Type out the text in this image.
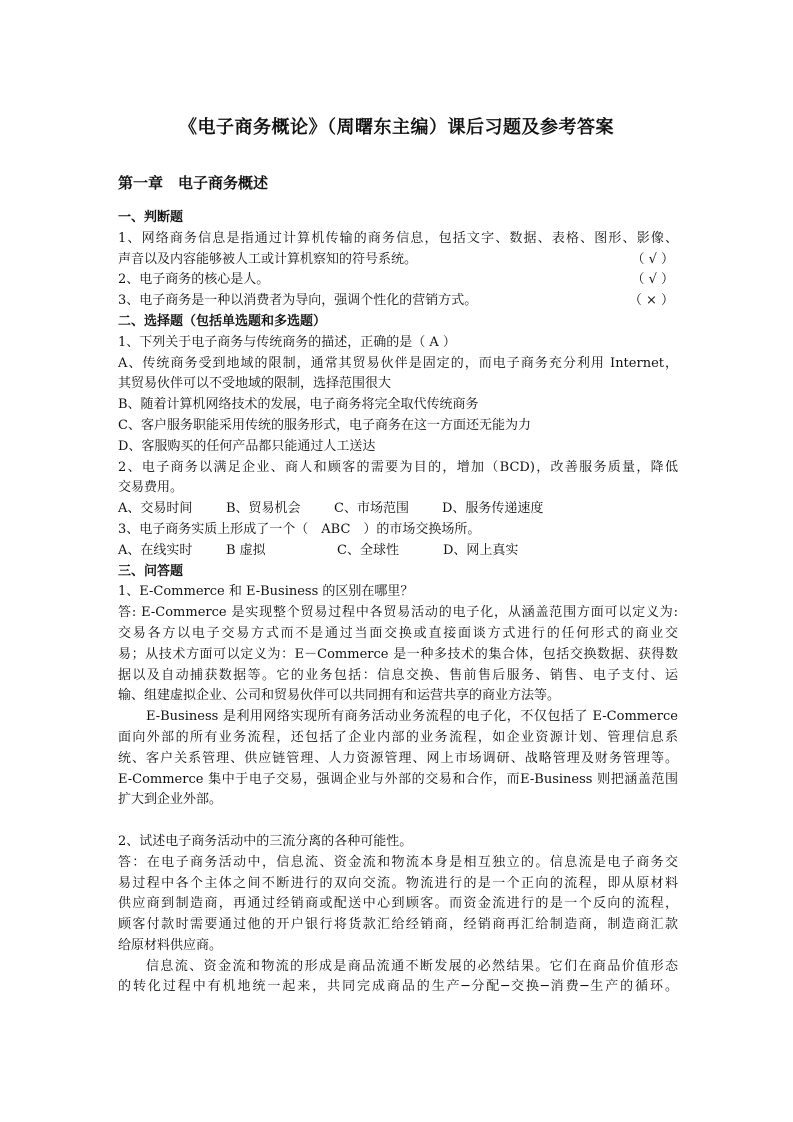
《电子商务概论》（周曙东主编）课后习题及参考答案
第一章　电子商务概述
一、判断题
1、网络商务信息是指通过计算机传输的商务信息，包括文字、数据、表格、图形、影像、
声音以及内容能够被人工或计算机察知的符号系统。	（ √ ）
2、电子商务的核心是人。	（ √ ）
3、电子商务是一种以消费者为导向，强调个性化的营销方式。	（ × ）
二、选择题（包括单选题和多选题）
1、下列关于电子商务与传统商务的描述，正确的是（ A ）
A、传统商务受到地域的限制，通常其贸易伙伴是固定的，而电子商务充分利用 Internet，
其贸易伙伴可以不受地域的限制，选择范围很大
B、随着计算机网络技术的发展，电子商务将完全取代传统商务
C、客户服务职能采用传统的服务形式，电子商务在这一方面还无能为力
D、客服购买的任何产品都只能通过人工送达
2、电子商务以满足企业、商人和顾客的需要为目的，增加（BCD)，改善服务质量，降低
交易费用。
A、交易时间	B、贸易机会	C、市场范围	D、服务传递速度
3、电子商务实质上形成了一个（　ABC　）的市场交换场所。
A、在线实时	B 虚拟	C、全球性	D、网上真实
三、问答题
1、E-Commerce 和 E-Business 的区别在哪里？
答: E-Commerce 是实现整个贸易过程中各贸易活动的电子化，从涵盖范围方面可以定义为:
交易各方以电子交易方式而不是通过当面交换或直接面谈方式进行的任何形式的商业交
易；从技术方面可以定义为：E－Commerce 是一种多技术的集合体，包括交换数据、获得数
据以及自动捕获数据等。它的业务包括：信息交换、售前售后服务、销售、电子支付、运
输、组建虚拟企业、公司和贸易伙伴可以共同拥有和运营共享的商业方法等。
E-Business 是利用网络实现所有商务活动业务流程的电子化，不仅包括了 E-Commerce
面向外部的所有业务流程，还包括了企业内部的业务流程，如企业资源计划、管理信息系
统、客户关系管理、供应链管理、人力资源管理、网上市场调研、战略管理及财务管理等。
E-Commerce 集中于电子交易，强调企业与外部的交易和合作，而E-Business 则把涵盖范围
扩大到企业外部。
2、试述电子商务活动中的三流分离的各种可能性。
答：在电子商务活动中，信息流、资金流和物流本身是相互独立的。信息流是电子商务交
易过程中各个主体之间不断进行的双向交流。物流进行的是一个正向的流程，即从原材料
供应商到制造商，再通过经销商或配送中心到顾客。而资金流进行的是一个反向的流程，
顾客付款时需要通过他的开户银行将货款汇给经销商，经销商再汇给制造商，制造商汇款
给原材料供应商。
信息流、资金流和物流的形成是商品流通不断发展的必然结果。它们在商品价值形态
的转化过程中有机地统一起来，共同完成商品的生产─分配─交换─消费─生产的循环。
